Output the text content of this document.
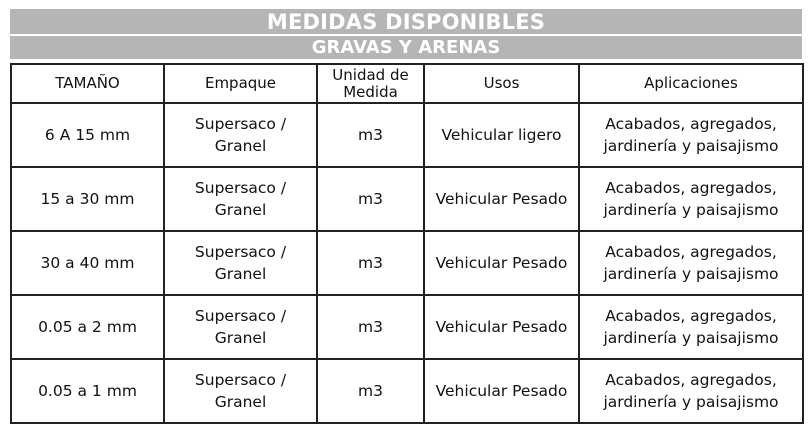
MEDIDAS DISPONIBLES
GRAVAS Y ARENAS
TAMAÑO	Empaque	Unidad de Medida	Usos	Aplicaciones
6 A 15 mm	Supersaco / Granel	m3	Vehicular ligero	Acabados, agregados, jardinería y paisajismo

15 a 30 mm	Supersaco / Granel	m3	Vehicular Pesado	Acabados, agregados, jardinería y paisajismo

30 a 40 mm	Supersaco / Granel	m3	Vehicular Pesado	Acabados, agregados, jardinería y paisajismo

0.05 a 2 mm	Supersaco / Granel	m3	Vehicular Pesado	Acabados, agregados, jardinería y paisajismo

0.05 a 1 mm	Supersaco / Granel	m3	Vehicular Pesado	Acabados, agregados, jardinería y paisajismo
